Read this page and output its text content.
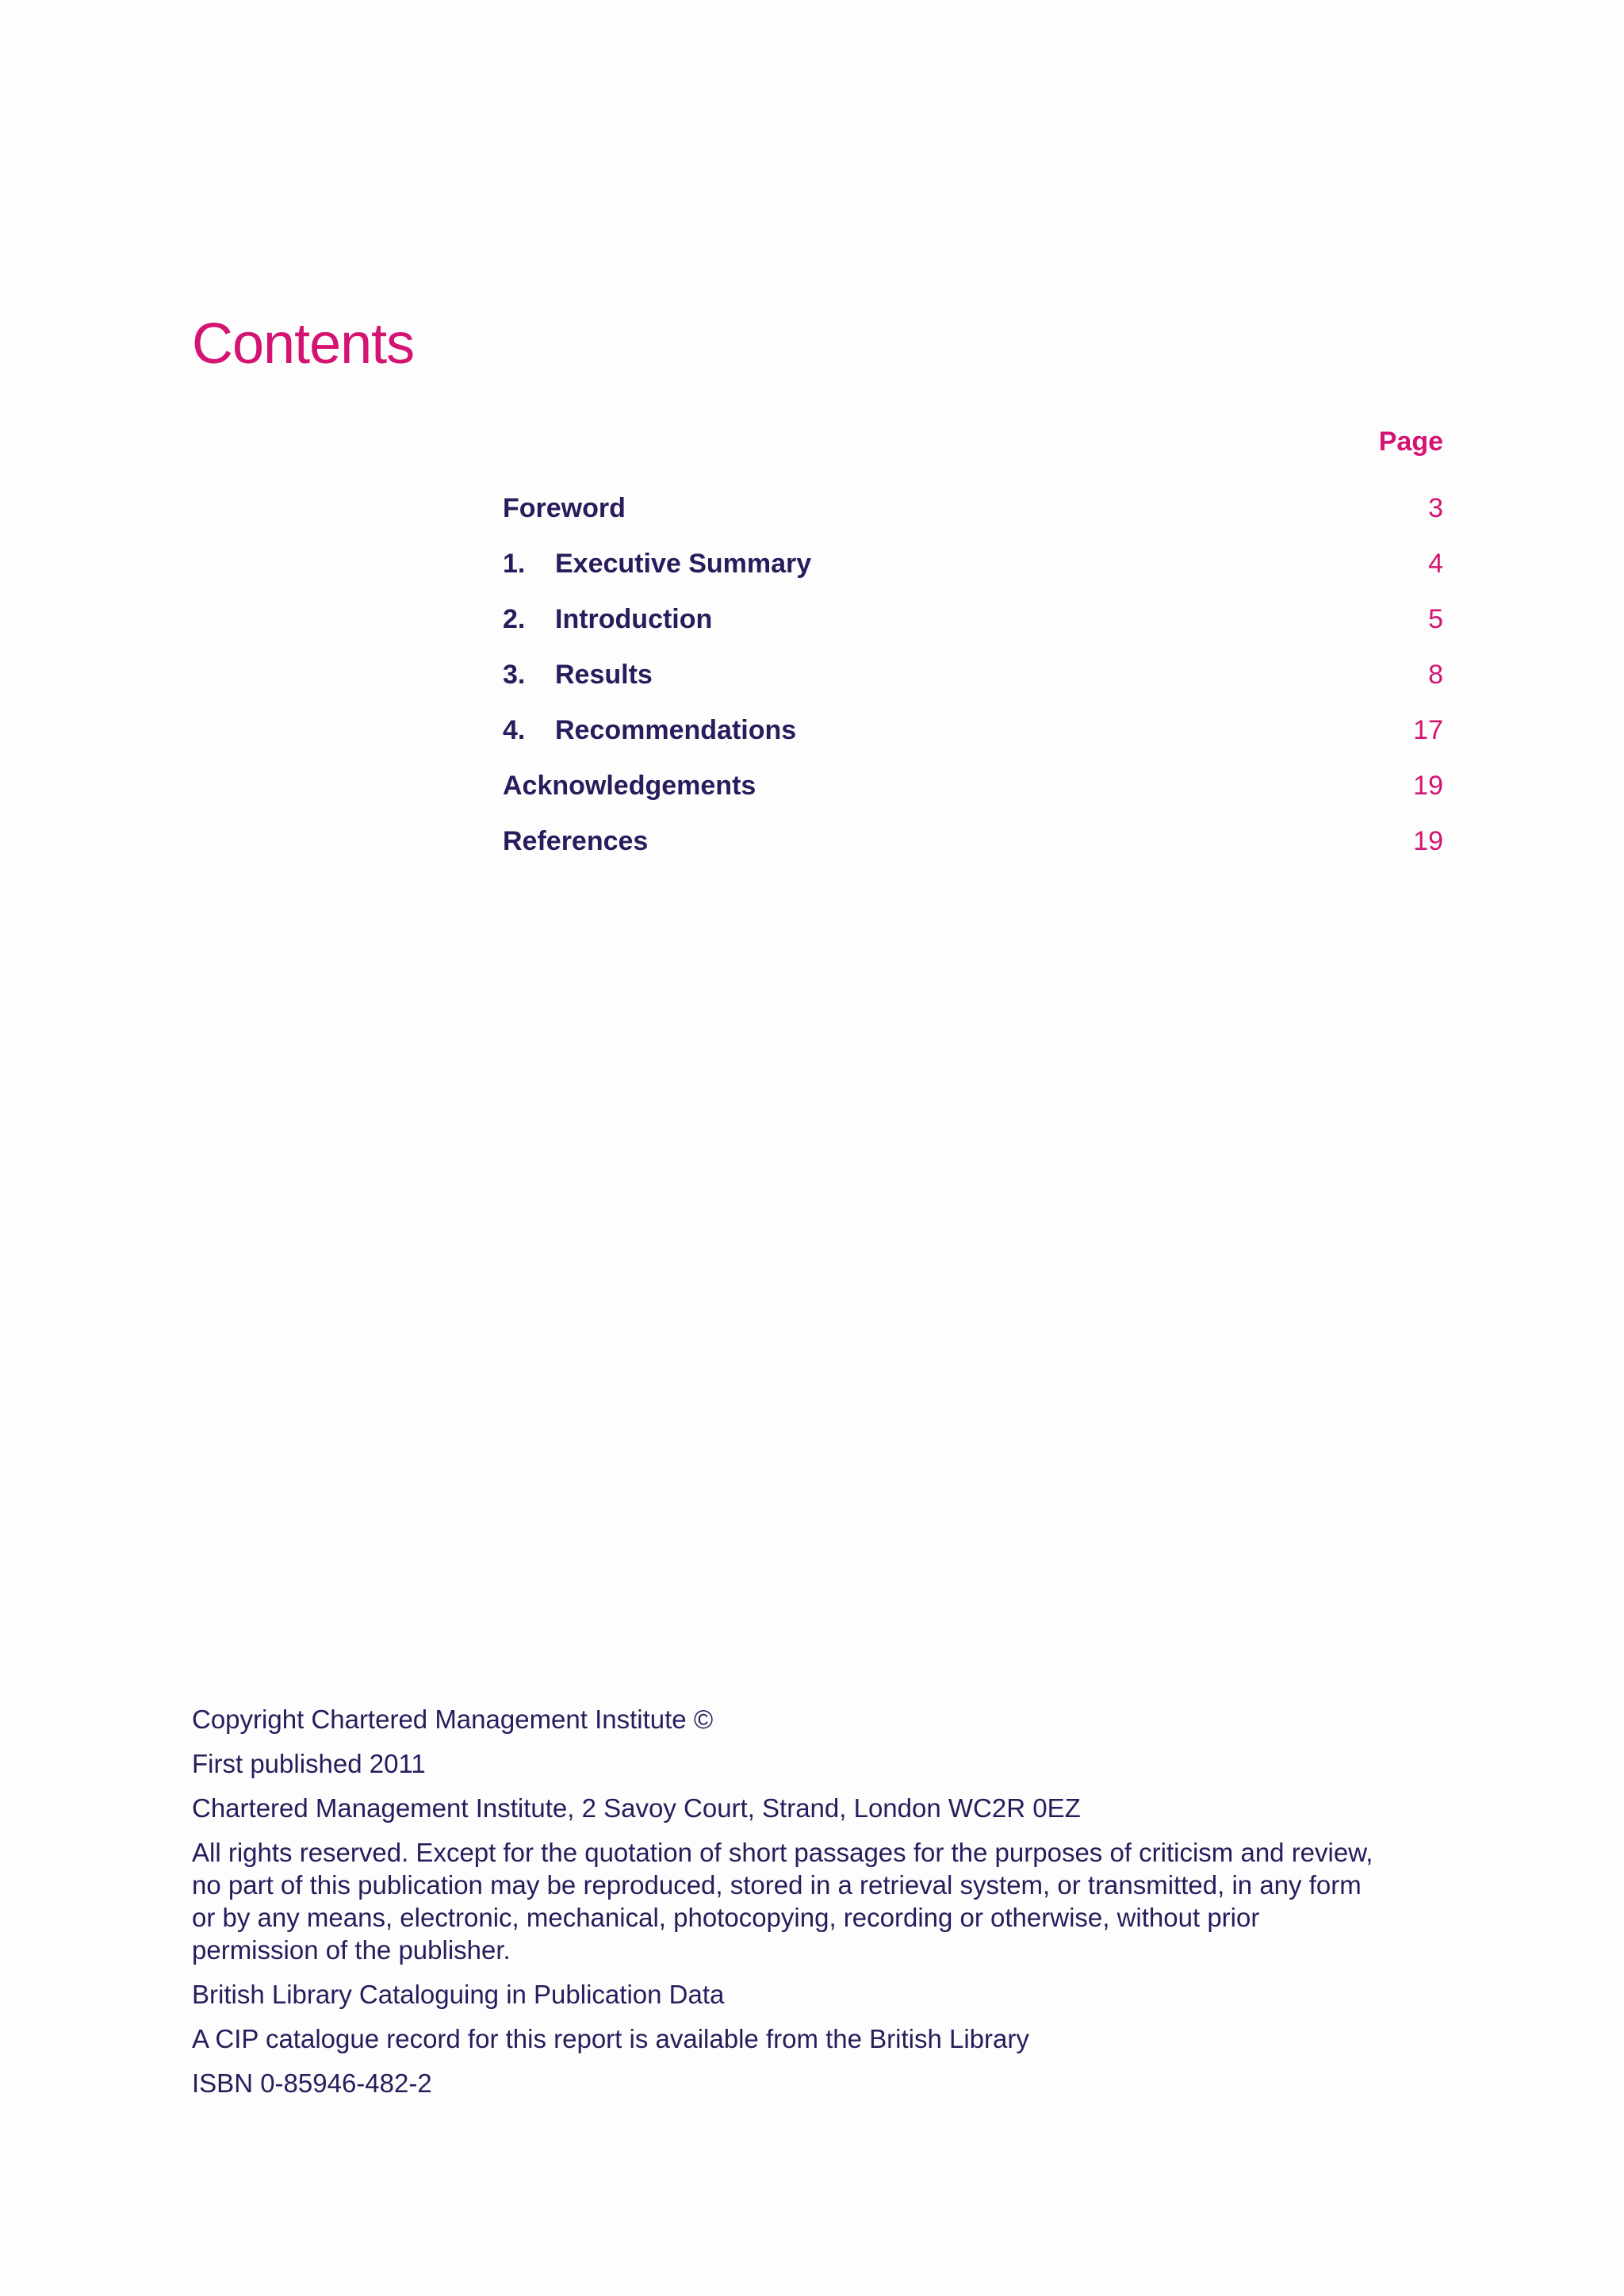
Contents
Page
Foreword	3
1.	Executive Summary	4
2.	Introduction	5
3.	Results	8
4.	Recommendations	17
Acknowledgements	19
References	19

Copyright Chartered Management Institute ©

First published 2011

Chartered Management Institute, 2 Savoy Court, Strand, London WC2R 0EZ

All rights reserved. Except for the quotation of short passages for the purposes of criticism and review, no part of this publication may be reproduced, stored in a retrieval system, or transmitted, in any form or by any means, electronic, mechanical, photocopying, recording or otherwise, without prior permission of the publisher.

British Library Cataloguing in Publication Data

A CIP catalogue record for this report is available from the British Library

ISBN 0-85946-482-2
